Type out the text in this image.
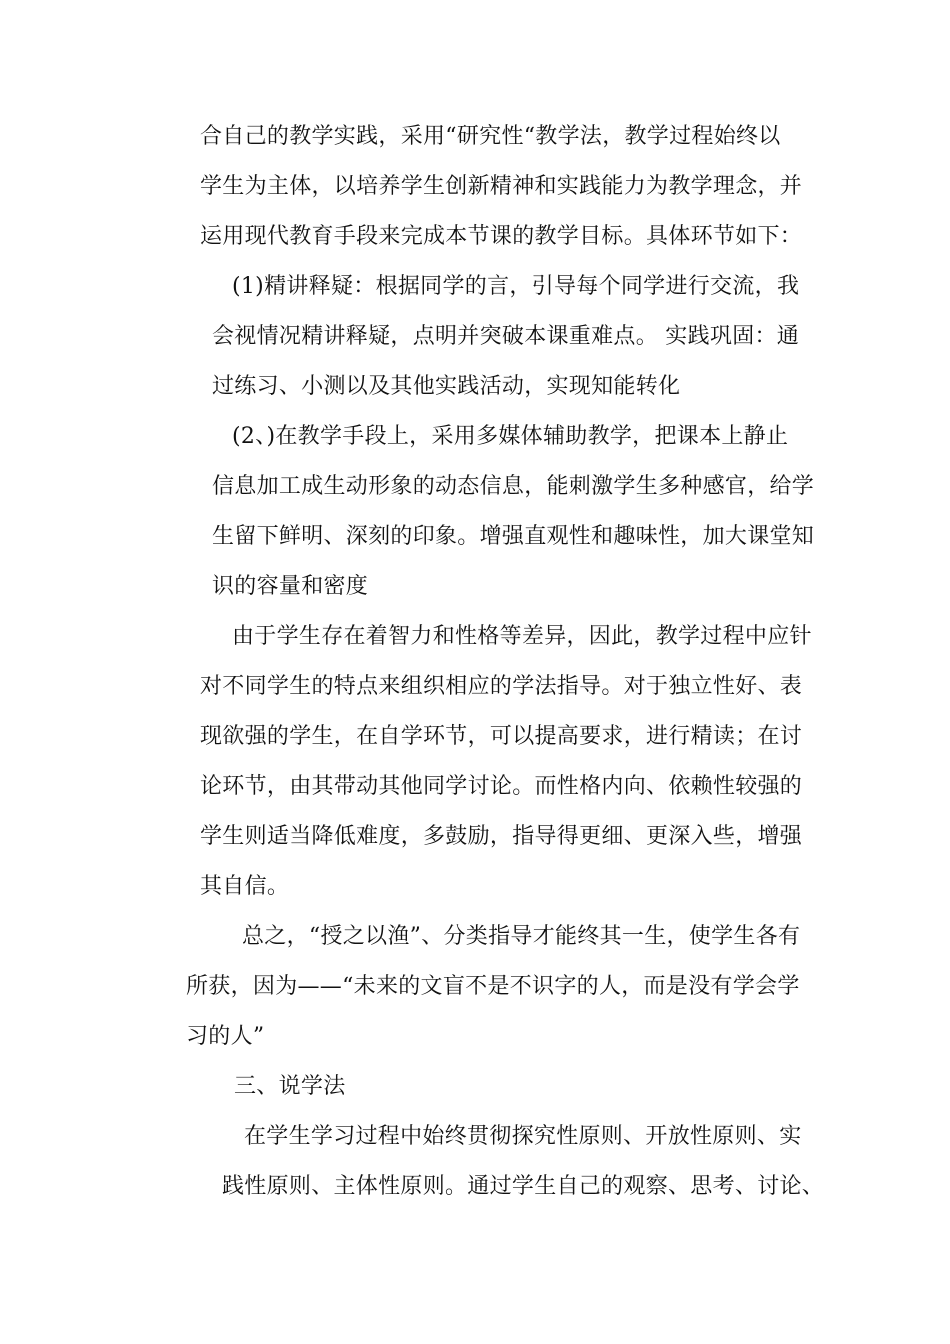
合自己的教学实践，采用“研究性“教学法，教学过程始终以
学生为主体，以培养学生创新精神和实践能力为教学理念，并
运用现代教育手段来完成本节课的教学目标。具体环节如下：
(1)精讲释疑：根据同学的言，引导每个同学进行交流，我
会视情况精讲释疑，点明并突破本课重难点。 实践巩固：通
过练习、小测以及其他实践活动，实现知能转化
(2、)在教学手段上，采用多媒体辅助教学，把课本上静止
信息加工成生动形象的动态信息，能刺激学生多种感官，给学
生留下鲜明、深刻的印象。增强直观性和趣味性，加大课堂知
识的容量和密度
由于学生存在着智力和性格等差异，因此，教学过程中应针
对不同学生的特点来组织相应的学法指导。对于独立性好、表
现欲强的学生，在自学环节，可以提高要求，进行精读；在讨
论环节，由其带动其他同学讨论。而性格内向、依赖性较强的
学生则适当降低难度，多鼓励，指导得更细、更深入些，增强
其自信。
总之，“授之以渔”、分类指导才能终其一生，使学生各有
所获，因为——“未来的文盲不是不识字的人，而是没有学会学
习的人”
三、说学法
在学生学习过程中始终贯彻探究性原则、开放性原则、实
践性原则、主体性原则。通过学生自己的观察、思考、讨论、
